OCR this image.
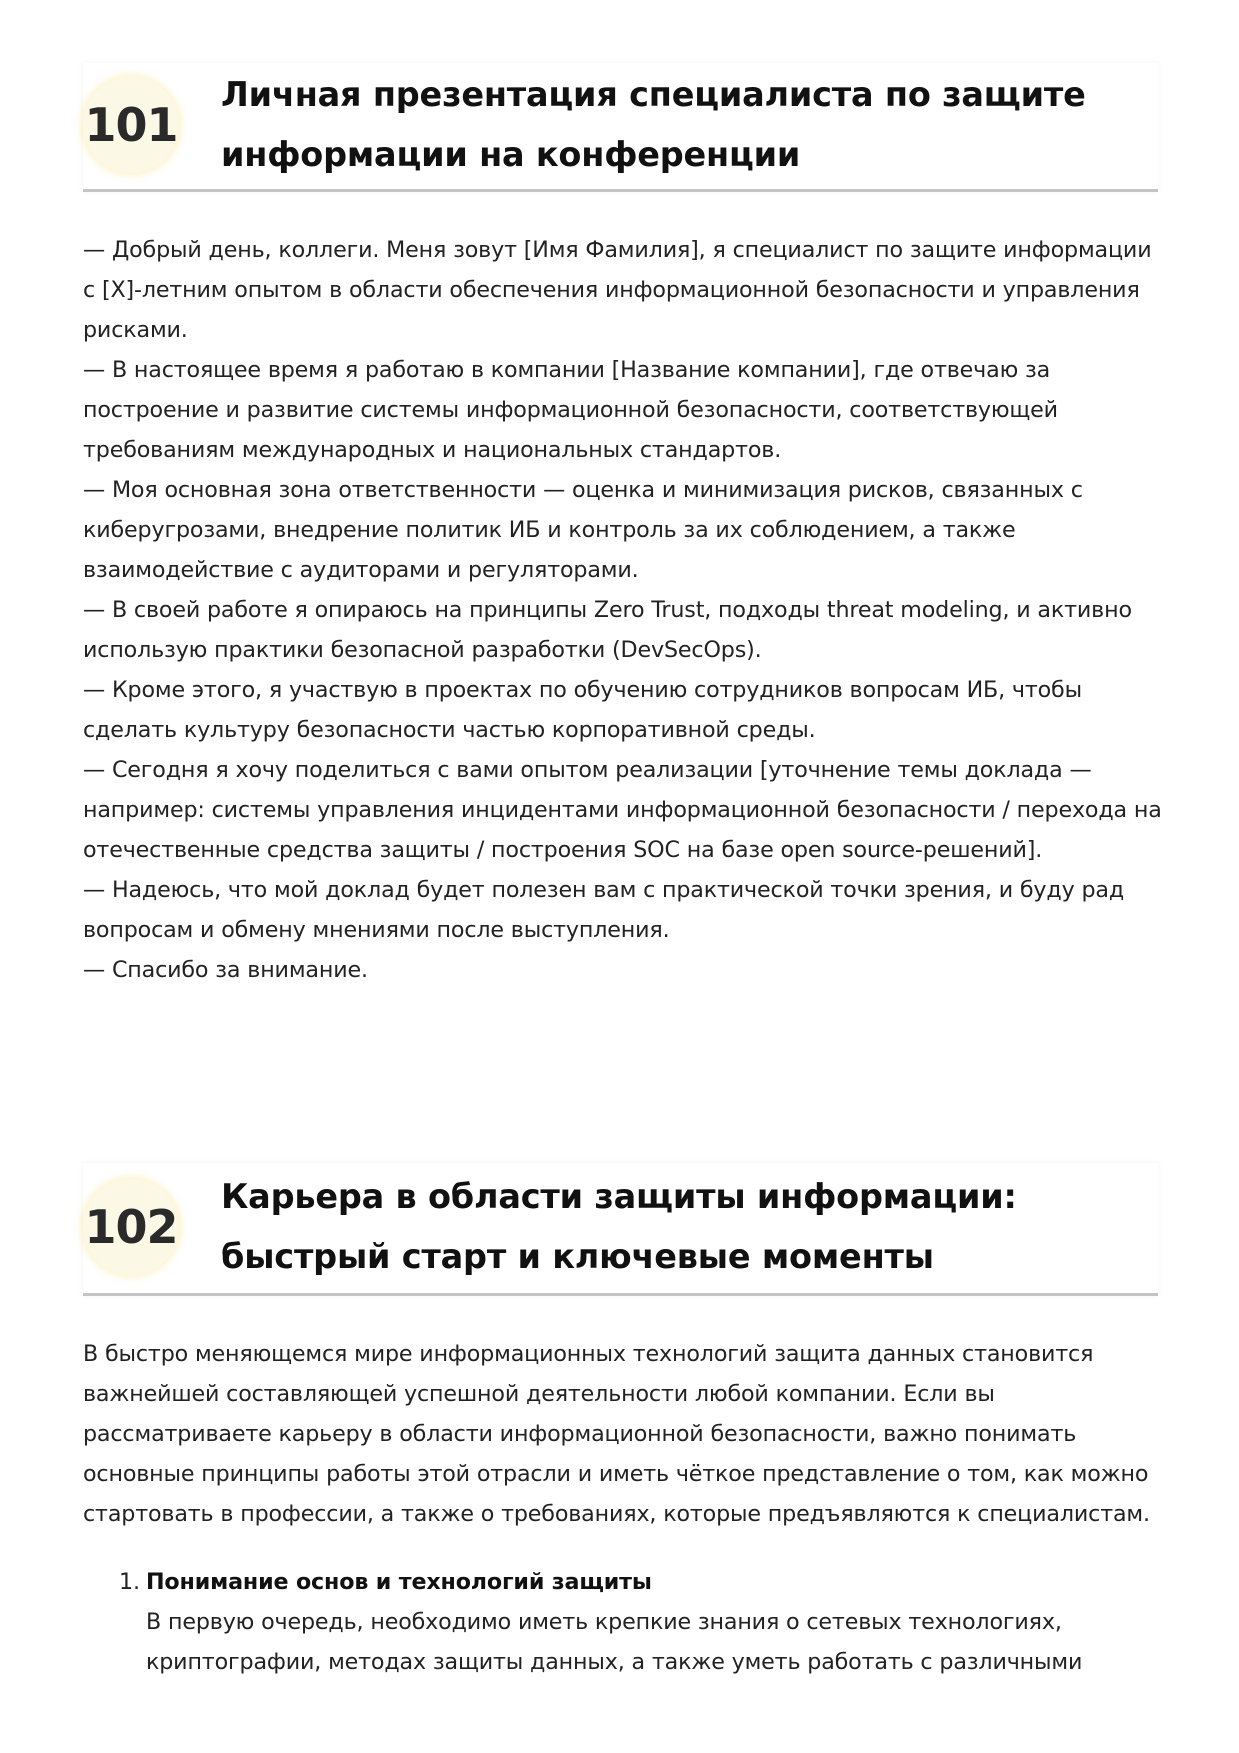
101
Личная презентация специалиста по защите информации на конференции

— Добрый день, коллеги. Меня зовут [Имя Фамилия], я специалист по защите информации с [X]-летним опытом в области обеспечения информационной безопасности и управления рисками.

— В настоящее время я работаю в компании [Название компании], где отвечаю за построение и развитие системы информационной безопасности, соответствующей требованиям международных и национальных стандартов.

— Моя основная зона ответственности — оценка и минимизация рисков, связанных с киберугрозами, внедрение политик ИБ и контроль за их соблюдением, а также взаимодействие с аудиторами и регуляторами.

— В своей работе я опираюсь на принципы Zero Trust, подходы threat modeling, и активно использую практики безопасной разработки (DevSecOps).

— Кроме этого, я участвую в проектах по обучению сотрудников вопросам ИБ, чтобы сделать культуру безопасности частью корпоративной среды.

— Сегодня я хочу поделиться с вами опытом реализации [уточнение темы доклада — например: системы управления инцидентами информационной безопасности / перехода на отечественные средства защиты / построения SOC на базе open source-решений].

— Надеюсь, что мой доклад будет полезен вам с практической точки зрения, и буду рад вопросам и обмену мнениями после выступления.

— Спасибо за внимание.

102
Карьера в области защиты информации: быстрый старт и ключевые моменты

В быстро меняющемся мире информационных технологий защита данных становится важнейшей составляющей успешной деятельности любой компании. Если вы рассматриваете карьеру в области информационной безопасности, важно понимать основные принципы работы этой отрасли и иметь чёткое представление о том, как можно стартовать в профессии, а также о требованиях, которые предъявляются к специалистам.

1. Понимание основ и технологий защиты
В первую очередь, необходимо иметь крепкие знания о сетевых технологиях, криптографии, методах защиты данных, а также уметь работать с различными
